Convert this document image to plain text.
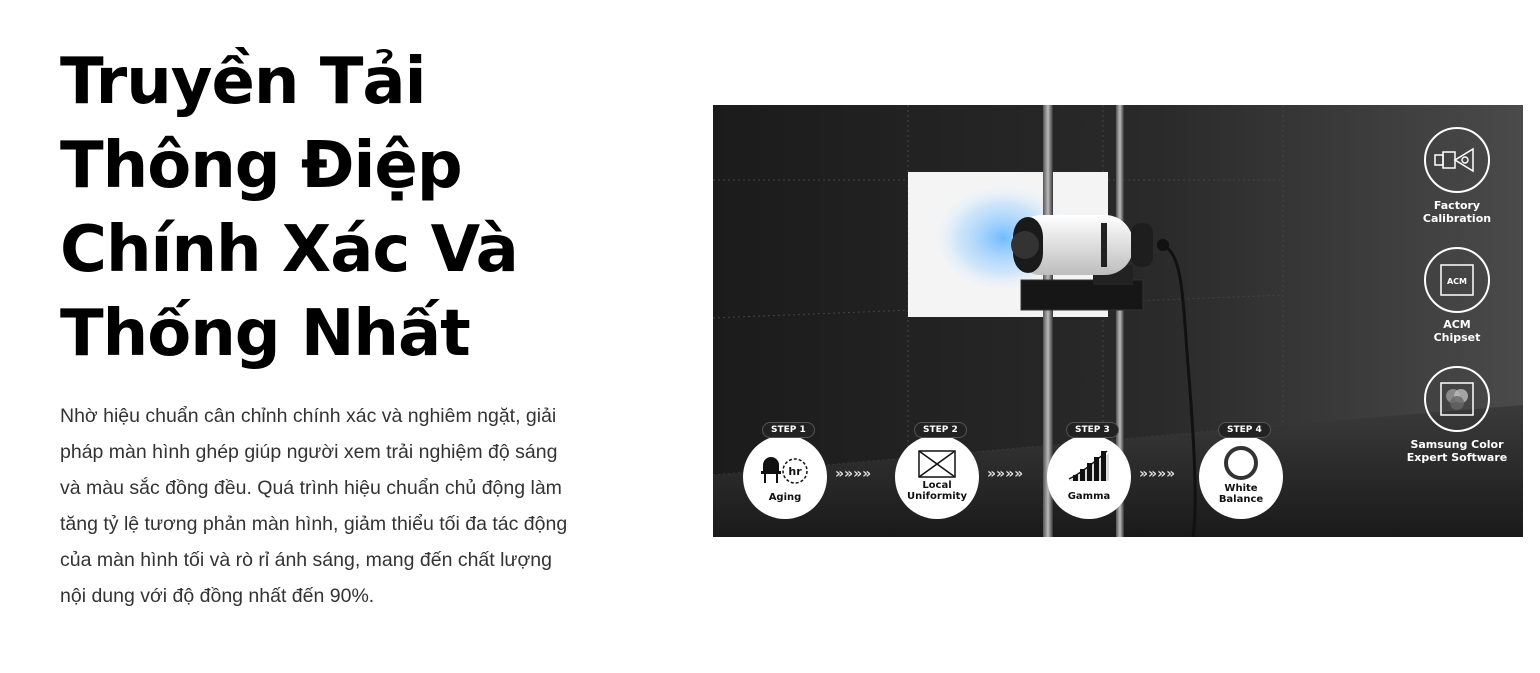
Truyền Tải
Thông Điệp
Chính Xác Và
Thống Nhất
Nhờ hiệu chuẩn cân chỉnh chính xác và nghiêm ngặt, giải
pháp màn hình ghép giúp người xem trải nghiệm độ sáng
và màu sắc đồng đều. Quá trình hiệu chuẩn chủ động làm
tăng tỷ lệ tương phản màn hình, giảm thiểu tối đa tác động
của màn hình tối và rò rỉ ánh sáng, mang đến chất lượng
nội dung với độ đồng nhất đến 90%.
hr
ACM
STEP 1	STEP 2	STEP 3	STEP 4
Aging
Local
Uniformity	Gamma
White
Balance
»»»»	»»»»	»»»»
Factory
Calibration
ACM
Chipset
Samsung Color
Expert Software
